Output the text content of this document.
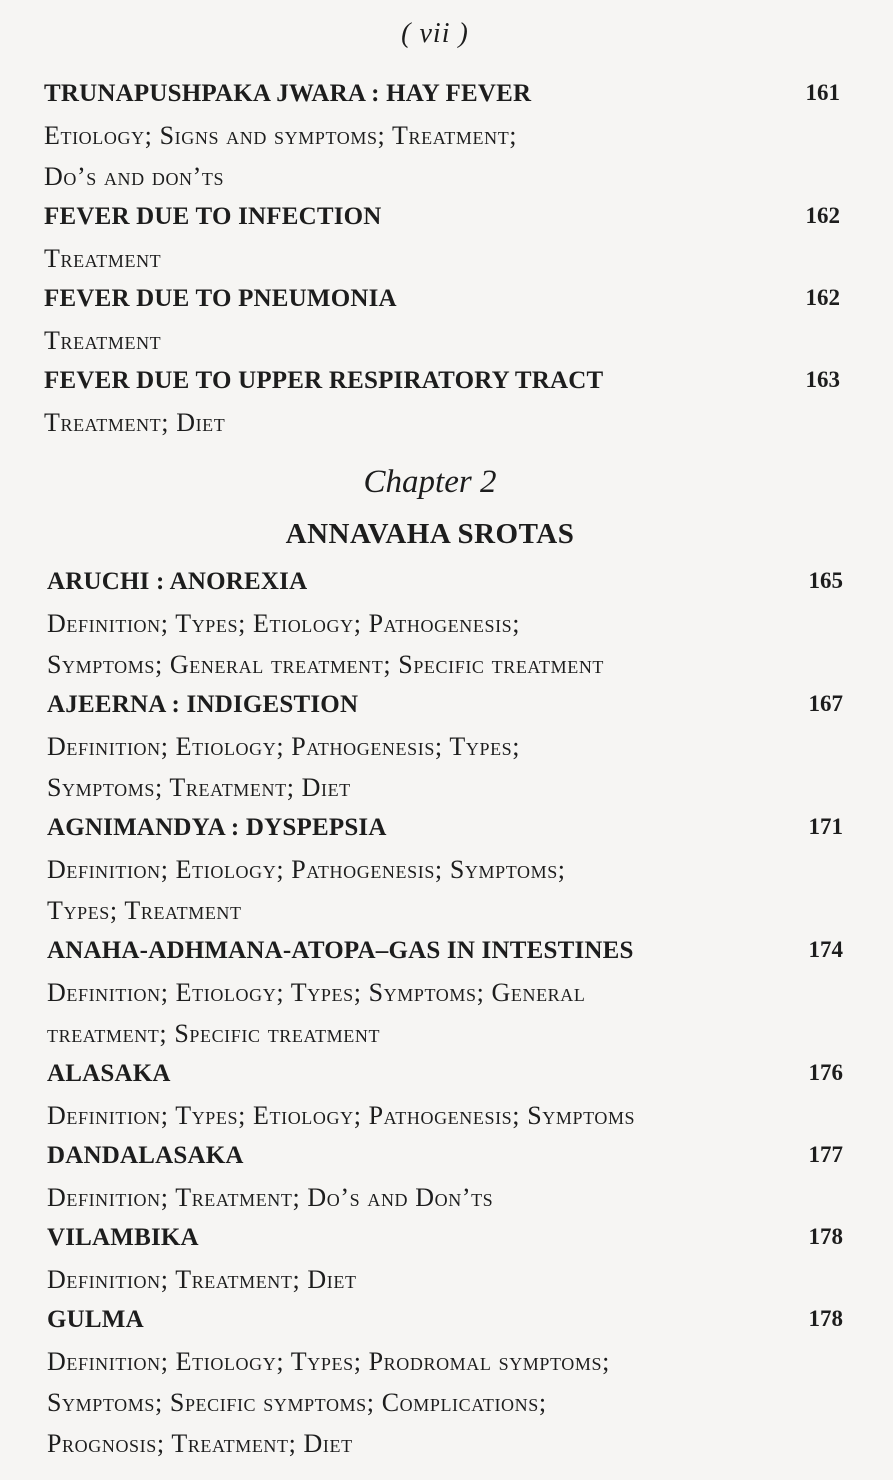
( vii )
TRUNAPUSHPAKA JWARA : HAY FEVER	161
Etiology; Signs and symptoms; Treatment;
Do’s and don’ts
FEVER DUE TO INFECTION	162
Treatment
FEVER DUE TO PNEUMONIA	162
Treatment
FEVER DUE TO UPPER RESPIRATORY TRACT	163
Treatment; Diet
Chapter 2
ANNAVAHA SROTAS
ARUCHI : ANOREXIA	165
Definition; Types; Etiology; Pathogenesis;
Symptoms; General treatment; Specific treatment
AJEERNA : INDIGESTION	167
Definition; Etiology; Pathogenesis; Types;
Symptoms; Treatment; Diet
AGNIMANDYA : DYSPEPSIA	171
Definition; Etiology; Pathogenesis; Symptoms;
Types; Treatment
ANAHA-ADHMANA-ATOPA–GAS IN INTESTINES	174
Definition; Etiology; Types; Symptoms; General
treatment; Specific treatment
ALASAKA	176
Definition; Types; Etiology; Pathogenesis; Symptoms
DANDALASAKA	177
Definition; Treatment; Do’s and Don’ts
VILAMBIKA	178
Definition; Treatment; Diet
GULMA	178
Definition; Etiology; Types; Prodromal symptoms;
Symptoms; Specific symptoms; Complications;
Prognosis; Treatment; Diet
